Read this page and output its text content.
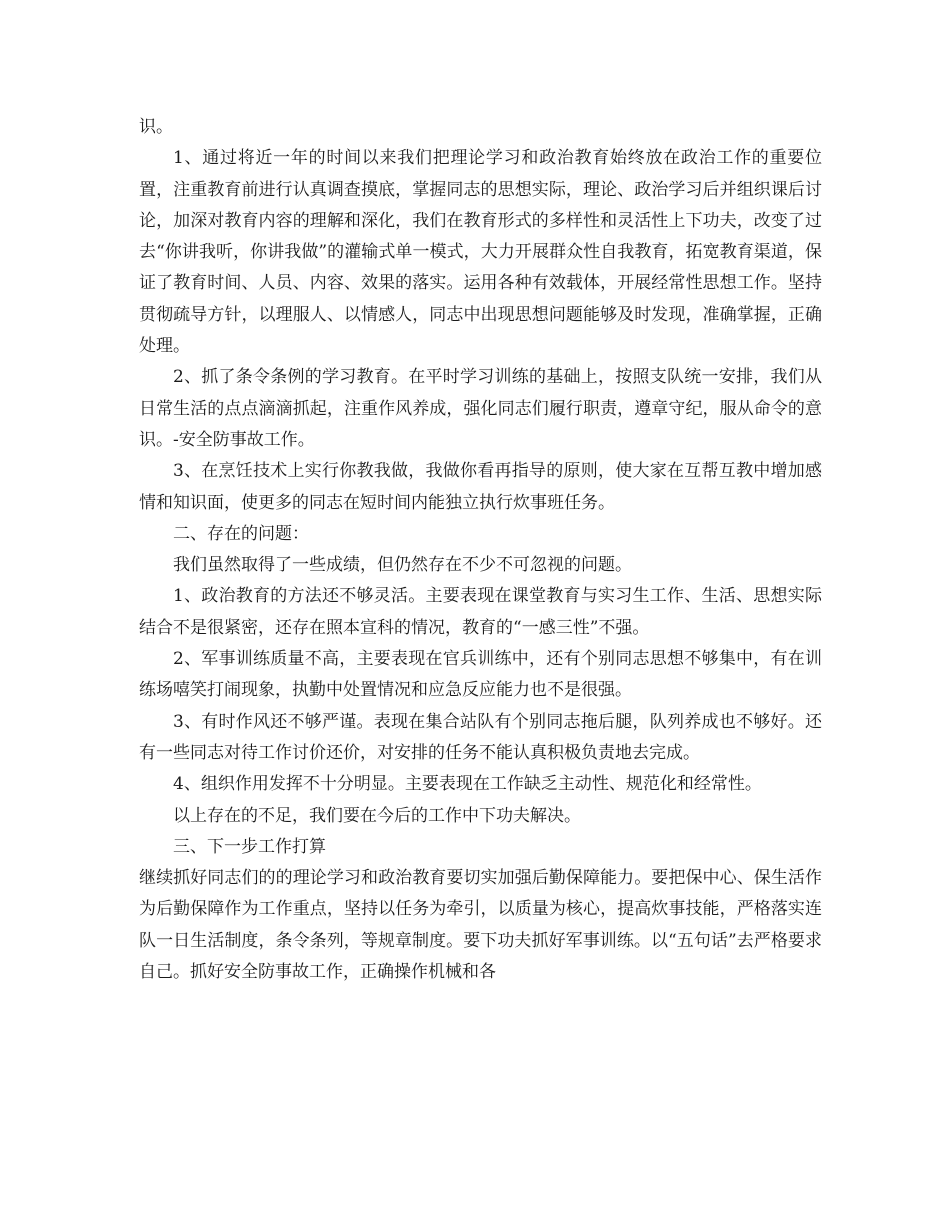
识。

1、通过将近一年的时间以来我们把理论学习和政治教育始终放在政治工作的重要位置，注重教育前进行认真调查摸底，掌握同志的思想实际，理论、政治学习后并组织课后讨论，加深对教育内容的理解和深化，我们在教育形式的多样性和灵活性上下功夫，改变了过去“你讲我听，你讲我做”的灌输式单一模式，大力开展群众性自我教育，拓宽教育渠道，保证了教育时间、人员、内容、效果的落实。运用各种有效载体，开展经常性思想工作。坚持贯彻疏导方针，以理服人、以情感人，同志中出现思想问题能够及时发现，准确掌握，正确处理。

2、抓了条令条例的学习教育。在平时学习训练的基础上，按照支队统一安排，我们从日常生活的点点滴滴抓起，注重作风养成，强化同志们履行职责，遵章守纪，服从命令的意识。-安全防事故工作。

3、在烹饪技术上实行你教我做，我做你看再指导的原则，使大家在互帮互教中增加感情和知识面，使更多的同志在短时间内能独立执行炊事班任务。

二、存在的问题：

我们虽然取得了一些成绩，但仍然存在不少不可忽视的问题。

1、政治教育的方法还不够灵活。主要表现在课堂教育与实习生工作、生活、思想实际结合不是很紧密，还存在照本宣科的情况，教育的“一感三性”不强。

2、军事训练质量不高，主要表现在官兵训练中，还有个别同志思想不够集中，有在训练场嘻笑打闹现象，执勤中处置情况和应急反应能力也不是很强。

3、有时作风还不够严谨。表现在集合站队有个别同志拖后腿，队列养成也不够好。还有一些同志对待工作讨价还价，对安排的任务不能认真积极负责地去完成。

4、组织作用发挥不十分明显。主要表现在工作缺乏主动性、规范化和经常性。

以上存在的不足，我们要在今后的工作中下功夫解决。

三、下一步工作打算

继续抓好同志们的的理论学习和政治教育要切实加强后勤保障能力。要把保中心、保生活作为后勤保障作为工作重点，坚持以任务为牵引，以质量为核心，提高炊事技能，严格落实连队一日生活制度，条令条列，等规章制度。要下功夫抓好军事训练。以“五句话”去严格要求自己。抓好安全防事故工作，正确操作机械和各
